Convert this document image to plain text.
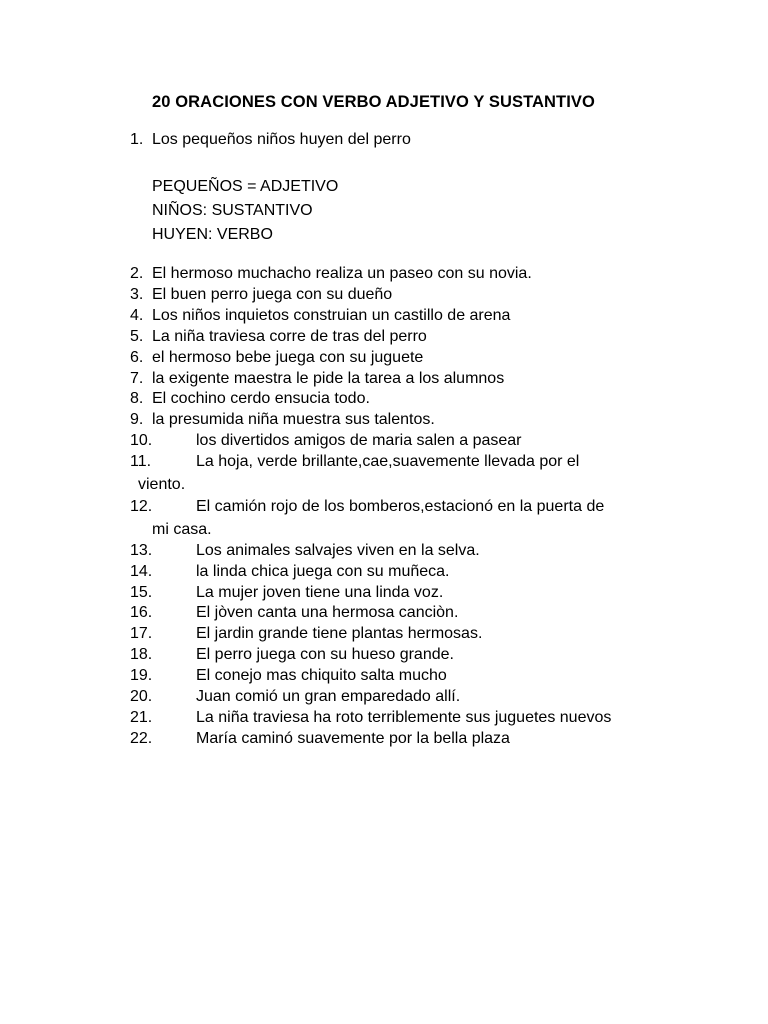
20 ORACIONES CON VERBO ADJETIVO Y SUSTANTIVO
1. Los pequeños niños huyen del perro
PEQUEÑOS = ADJETIVO
NIÑOS: SUSTANTIVO
HUYEN: VERBO
2. El hermoso muchacho realiza un paseo con su novia.
3. El buen perro juega con su dueño
4. Los niños inquietos construian un castillo de arena
5. La niña traviesa corre de tras del perro
6. el hermoso bebe juega con su juguete
7. la exigente maestra le pide la tarea a los alumnos
8. El cochino cerdo ensucia todo.
9. la presumida niña muestra sus talentos.
10.	los divertidos amigos de maria salen a pasear
11.	La hoja, verde brillante,cae,suavemente llevada por el
viento.
12.	El camión rojo de los bomberos,estacionó en la puerta de
mi casa.
13.	Los animales salvajes viven en la selva.
14.	la linda chica juega con su muñeca.
15.	La mujer joven tiene una linda voz.
16.	El jòven canta una hermosa canciòn.
17.	El jardin grande tiene plantas hermosas.
18.	El perro juega con su hueso grande.
19.	El conejo mas chiquito salta mucho
20.	Juan comió un gran emparedado allí.
21.	La niña traviesa ha roto terriblemente sus juguetes nuevos
22.	María caminó suavemente por la bella plaza
